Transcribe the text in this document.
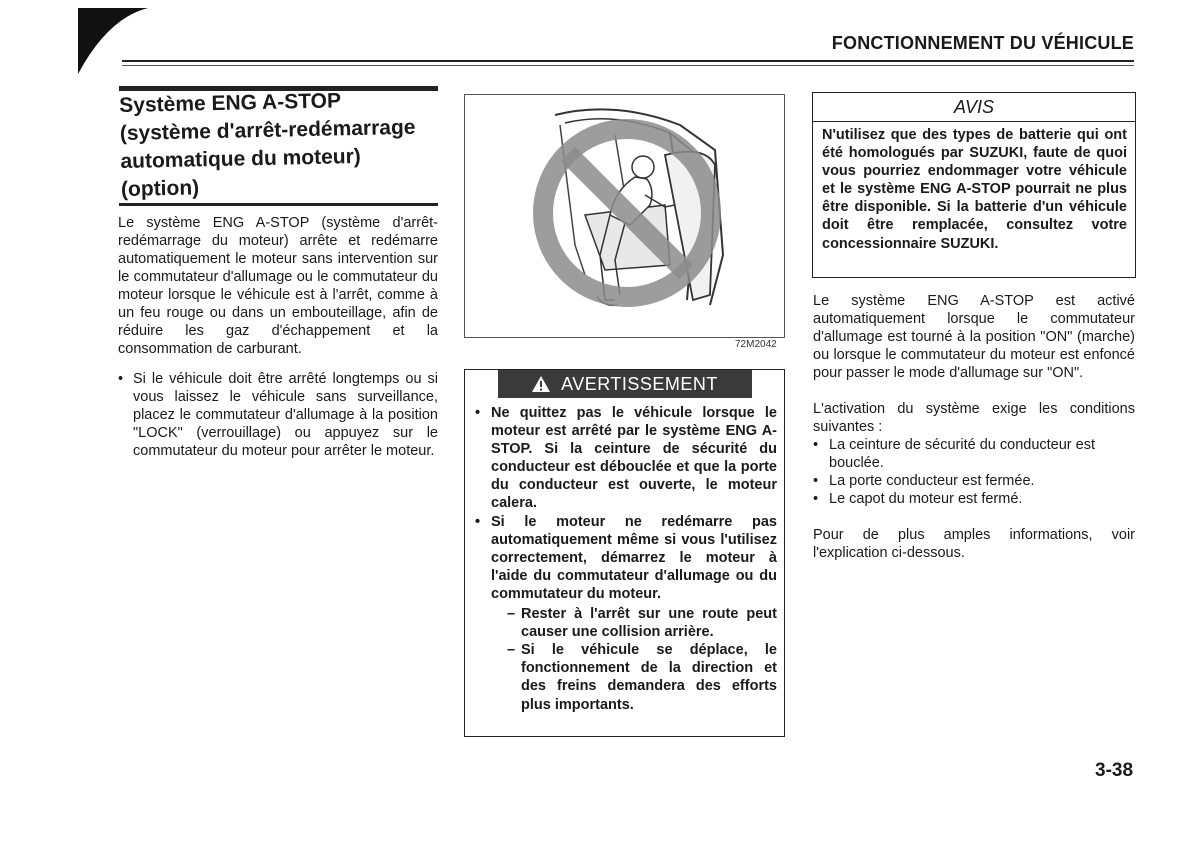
FONCTIONNEMENT DU VÉHICULE
Système ENG A-STOP
(système d'arrêt-redémarrage
automatique du moteur)
(option)
Le système ENG A-STOP (système d'arrêt-redémarrage du moteur) arrête et redémarre automatiquement le moteur sans intervention sur le commutateur d'allumage ou le commutateur du moteur lorsque le véhicule est à l'arrêt, comme à un feu rouge ou dans un embouteillage, afin de réduire les gaz d'échappement et la consommation de carburant.
• Si le véhicule doit être arrêté longtemps ou si vous laissez le véhicule sans surveillance, placez le commutateur d'allumage à la position "LOCK" (verrouillage) ou appuyez sur le commutateur du moteur pour arrêter le moteur.
72M2042
AVERTISSEMENT
• Ne quittez pas le véhicule lorsque le moteur est arrêté par le système ENG A-STOP. Si la ceinture de sécurité du conducteur est débouclée et que la porte du conducteur est ouverte, le moteur calera.
• Si le moteur ne redémarre pas automatiquement même si vous l'utilisez correctement, démarrez le moteur à l'aide du commutateur d'allumage ou du commutateur du moteur.
– Rester à l'arrêt sur une route peut causer une collision arrière.
– Si le véhicule se déplace, le fonctionnement de la direction et des freins demandera des efforts plus importants.
AVIS
N'utilisez que des types de batterie qui ont été homologués par SUZUKI, faute de quoi vous pourriez endommager votre véhicule et le système ENG A-STOP pourrait ne plus être disponible. Si la batterie d'un véhicule doit être remplacée, consultez votre concessionnaire SUZUKI.

Le système ENG A-STOP est activé automatiquement lorsque le commutateur d'allumage est tourné à la position "ON" (marche) ou lorsque le commutateur du moteur est enfoncé pour passer le mode d'allumage sur "ON".

L'activation du système exige les conditions suivantes :
• La ceinture de sécurité du conducteur est bouclée.
• La porte conducteur est fermée.
• Le capot du moteur est fermé.

Pour de plus amples informations, voir l'explication ci-dessous.

3-38
